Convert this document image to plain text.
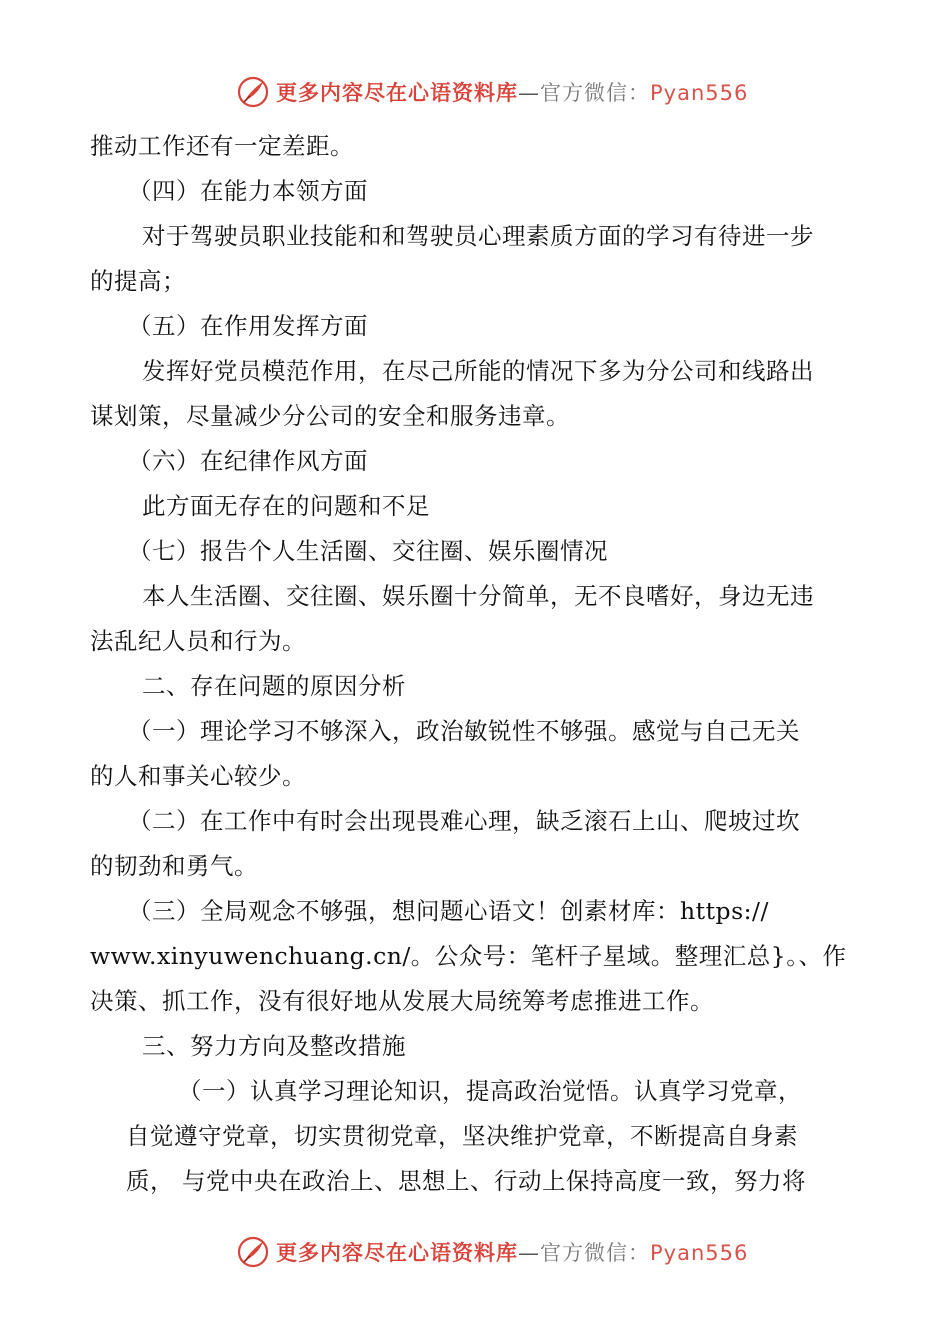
更多内容尽在心语资料库—官方微信：Pyan556

推动工作还有一定差距。

（四）在能力本领方面

对于驾驶员职业技能和和驾驶员心理素质方面的学习有待进一步

的提高；

（五）在作用发挥方面

发挥好党员模范作用，在尽己所能的情况下多为分公司和线路出

谋划策，尽量减少分公司的安全和服务违章。

（六）在纪律作风方面

此方面无存在的问题和不足

（七）报告个人生活圈、交往圈、娱乐圈情况

本人生活圈、交往圈、娱乐圈十分简单，无不良嗜好，身边无违

法乱纪人员和行为。

二、存在问题的原因分析

（一）理论学习不够深入，政治敏锐性不够强。感觉与自己无关

的人和事关心较少。

（二）在工作中有时会出现畏难心理，缺乏滚石上山、爬坡过坎

的韧劲和勇气。

（三）全局观念不够强，想问题心语文！创素材库：https://

www.xinyuwenchuang.cn/。公众号：笔杆子星域。整理汇总}。、作

决策、抓工作，没有很好地从发展大局统筹考虑推进工作。

三、努力方向及整改措施

（一）认真学习理论知识，提高政治觉悟。认真学习党章，

自觉遵守党章，切实贯彻党章，坚决维护党章，不断提高自身素

质， 与党中央在政治上、思想上、行动上保持高度一致，努力将

更多内容尽在心语资料库—官方微信：Pyan556
